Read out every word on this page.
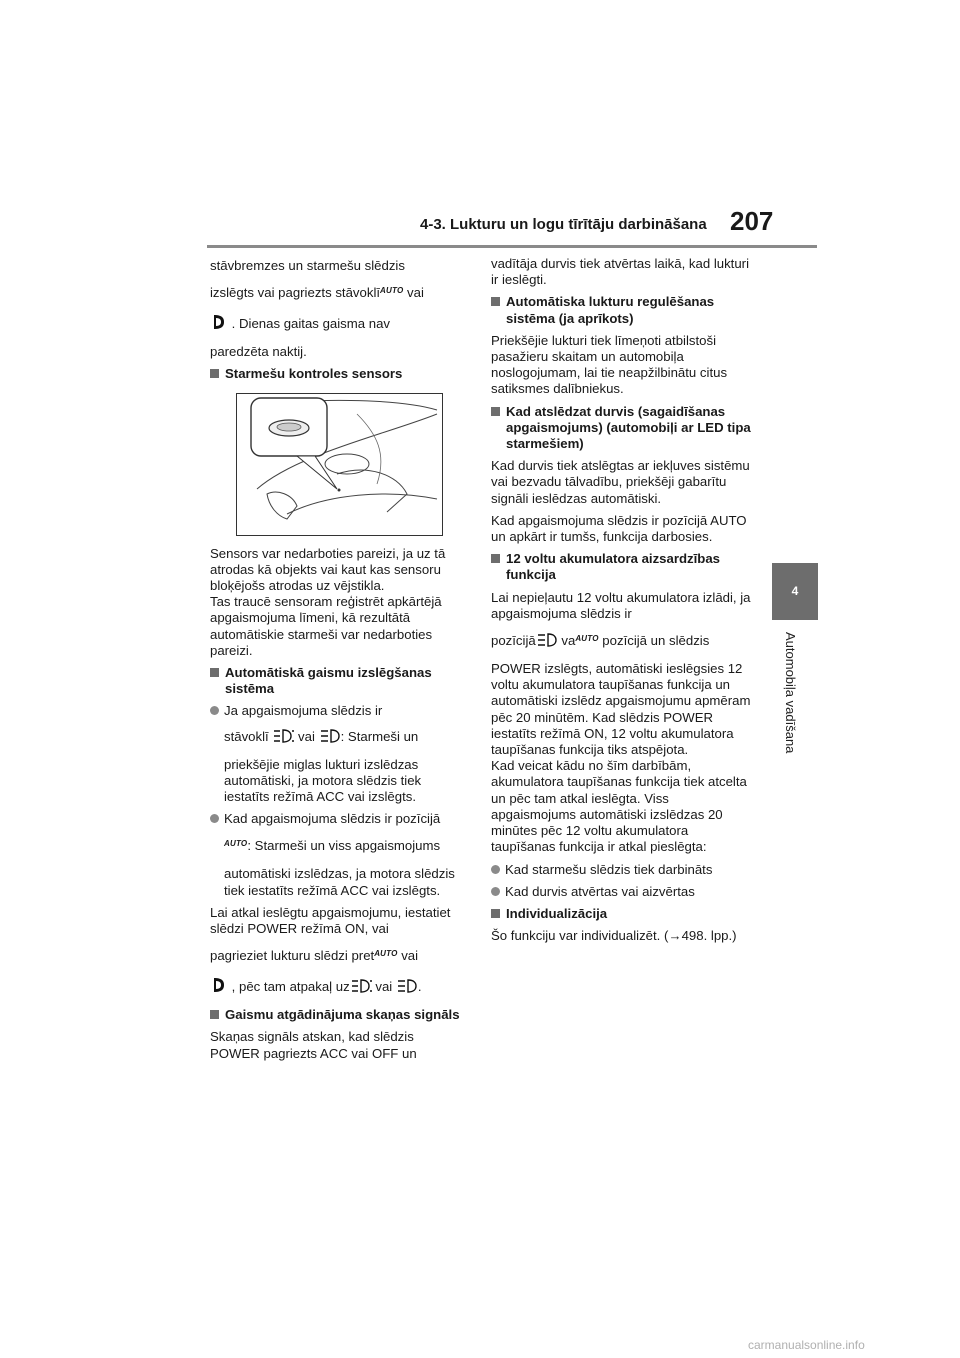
4-3. Lukturu un logu tīrītāju darbināšana 207
4
Automobiļa vadīšana

stāvbremzes un starmešu slēdzis

izslēgts vai pagriezts stāvoklī$^{AUTO}$ vai

. Dienas gaitas gaisma nav

paredzēta naktij.

Starmešu kontroles sensors

Sensors var nedarboties pareizi, ja uz tā atrodas kā objekts vai kaut kas sensoru bloķējošs atrodas uz vējstikla.

Tas traucē sensoram reģistrēt apkārtējā apgaismojuma līmeni, kā rezultātā automātiskie starmeši var nedarboties pareizi.

Automātiskā gaismu izslēgšanas sistēma
Ja apgaismojuma slēdzis ir

stāvoklī  vai : Starmeši un

priekšējie miglas lukturi izslēdzas automātiski, ja motora slēdzis tiek iestatīts režīmā ACC vai izslēgts.

Kad apgaismojuma slēdzis ir pozīcijā

$^{AUTO}$: Starmeši un viss apgaismojums

automātiski izslēdzas, ja motora slēdzis tiek iestatīts režīmā ACC vai izslēgts.

Lai atkal ieslēgtu apgaismojumu, iestatiet slēdzi POWER režīmā ON, vai

pagrieziet lukturu slēdzi pret$^{AUTO}$ vai

, pēc tam atpakaļ uz vai .

Gaismu atgādinājuma skaņas signāls

Skaņas signāls atskan, kad slēdzis POWER pagriezts ACC vai OFF un

vadītāja durvis tiek atvērtas laikā, kad lukturi ir ieslēgti.

Automātiska lukturu regulēšanas sistēma (ja aprīkots)

Priekšējie lukturi tiek līmeņoti atbilstoši pasažieru skaitam un automobiļa noslogojumam, lai tie neapžilbinātu citus satiksmes dalībniekus.

Kad atslēdzat durvis (sagaidīšanas apgaismojums) (automobiļi ar LED tipa starmešiem)

Kad durvis tiek atslēgtas ar iekļuves sistēmu vai bezvadu tālvadību, priekšēji gabarītu signāli ieslēdzas automātiski.

Kad apgaismojuma slēdzis ir pozīcijā AUTO un apkārt ir tumšs, funkcija darbosies.

12 voltu akumulatora aizsardzības funkcija

Lai nepieļautu 12 voltu akumulatora izlādi, ja apgaismojuma slēdzis ir

pozīcijā $va^{AUTO}$ pozīcijā un slēdzis

POWER izslēgts, automātiski ieslēgsies 12 voltu akumulatora taupīšanas funkcija un automātiski izslēdz apgaismojumu apmēram pēc 20 minūtēm. Kad slēdzis POWER iestatīts režīmā ON, 12 voltu akumulatora taupīšanas funkcija tiks atspējota.

Kad veicat kādu no šīm darbībām, akumulatora taupīšanas funkcija tiek atcelta un pēc tam atkal ieslēgta. Viss apgaismojums automātiski izslēdzas 20 minūtes pēc 12 voltu akumulatora taupīšanas funkcija ir atkal pieslēgta:

Kad starmešu slēdzis tiek darbināts
Kad durvis atvērtas vai aizvērtas
Individualizācija

Šo funkciju var individualizēt. (→498. lpp.)

carmanualsonline.info
